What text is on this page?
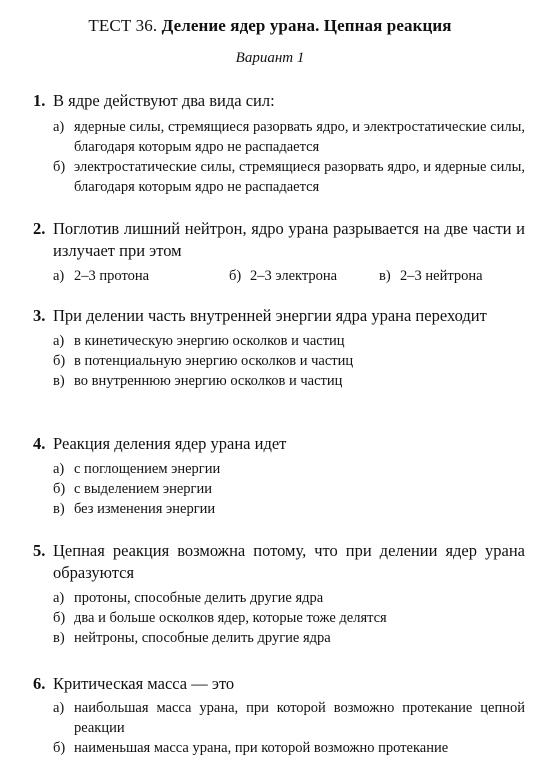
ТЕСТ 36. Деление ядер урана. Цепная реакция
Вариант 1
1. В ядре действуют два вида сил:
а) ядерные силы, стремящиеся разорвать ядро, и электростатические силы, благодаря которым ядро не распадается
б) электростатические силы, стремящиеся разорвать ядро, и ядерные силы, благодаря которым ядро не распадается
2. Поглотив лишний нейтрон, ядро урана разрывается на две части и излучает при этом
а) 2–3 протона	б) 2–3 электрона	в) 2–3 нейтрона
3. При делении часть внутренней энергии ядра урана переходит
а) в кинетическую энергию осколков и частиц
б) в потенциальную энергию осколков и частиц
в) во внутреннюю энергию осколков и частиц
4. Реакция деления ядер урана идет
а) с поглощением энергии
б) с выделением энергии
в) без изменения энергии
5. Цепная реакция возможна потому, что при делении ядер урана образуются
а) протоны, способные делить другие ядра
б) два и больше осколков ядер, которые тоже делятся
в) нейтроны, способные делить другие ядра
6. Критическая масса — это
а) наибольшая масса урана, при которой возможно протекание цепной реакции
б) наименьшая масса урана, при которой возможно протекание
